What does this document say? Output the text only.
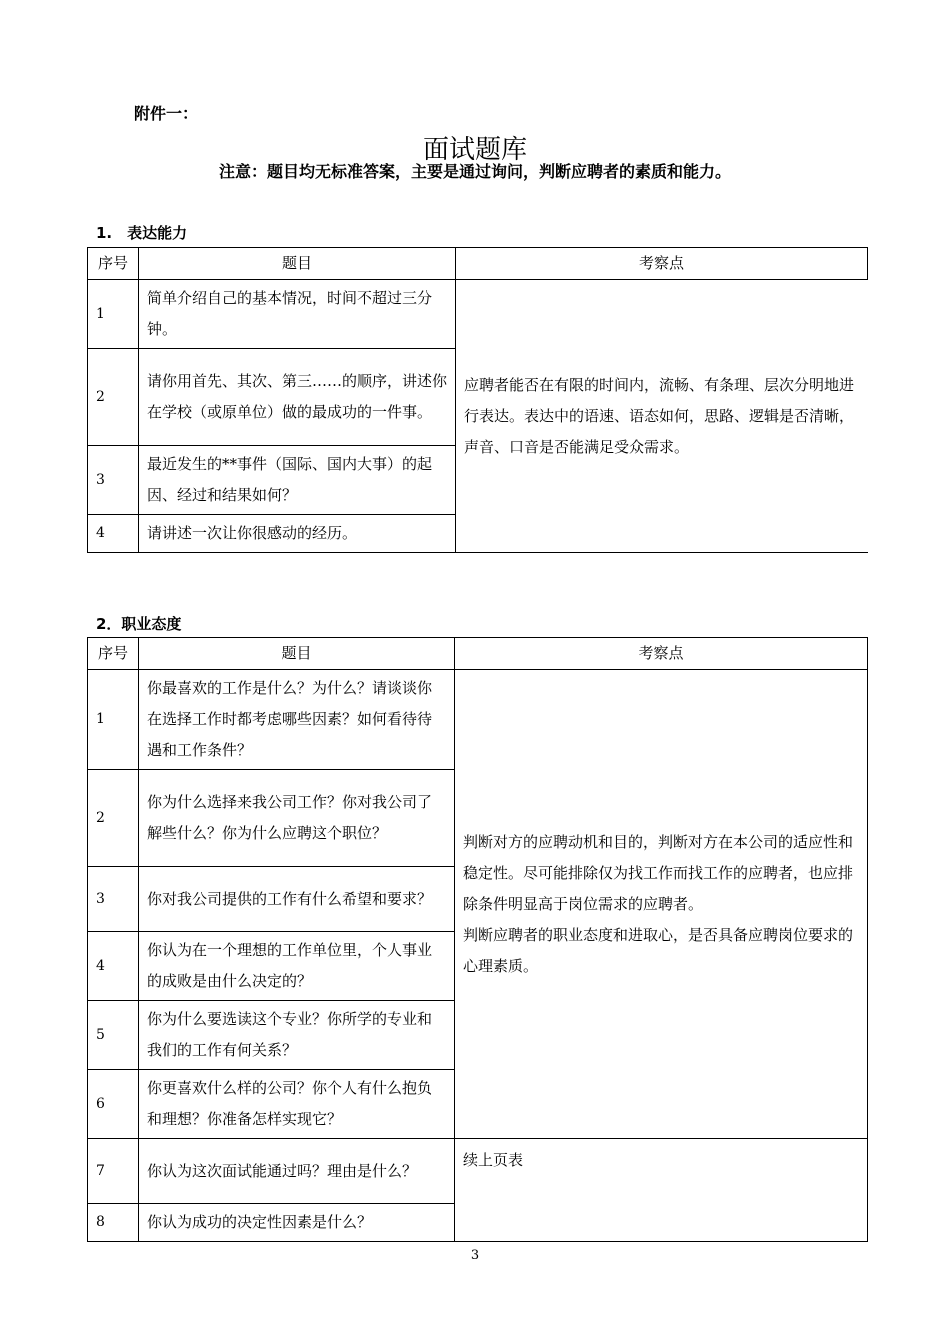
附件一：
面试题库
注意：题目均无标准答案，主要是通过询问，判断应聘者的素质和能力。
1.　表达能力
序号	题目	考察点
1	简单介绍自己的基本情况，时间不超过三分钟。	应聘者能否在有限的时间内，流畅、有条理、层次分明地进行表达。表达中的语速、语态如何，思路、逻辑是否清晰，声音、口音是否能满足受众需求。
2	请你用首先、其次、第三……的顺序，讲述你在学校（或原单位）做的最成功的一件事。	
3	最近发生的**事件（国际、国内大事）的起因、经过和结果如何？	
4	请讲述一次让你很感动的经历。	
2．职业态度
序号	题目	考察点
1	你最喜欢的工作是什么？为什么？请谈谈你在选择工作时都考虑哪些因素？如何看待待遇和工作条件？	判断对方的应聘动机和目的，判断对方在本公司的适应性和稳定性。尽可能排除仅为找工作而找工作的应聘者，也应排除条件明显高于岗位需求的应聘者。
判断应聘者的职业态度和进取心，是否具备应聘岗位要求的心理素质。

2	你为什么选择来我公司工作？你对我公司了解些什么？你为什么应聘这个职位？	
3	你对我公司提供的工作有什么希望和要求？	
4	你认为在一个理想的工作单位里，个人事业的成败是由什么决定的？	
5	你为什么要选读这个专业？你所学的专业和我们的工作有何关系？	
6	你更喜欢什么样的公司？你个人有什么抱负和理想？你准备怎样实现它？	
7	你认为这次面试能通过吗？理由是什么？	续上页表
8	你认为成功的决定性因素是什么？	
3
